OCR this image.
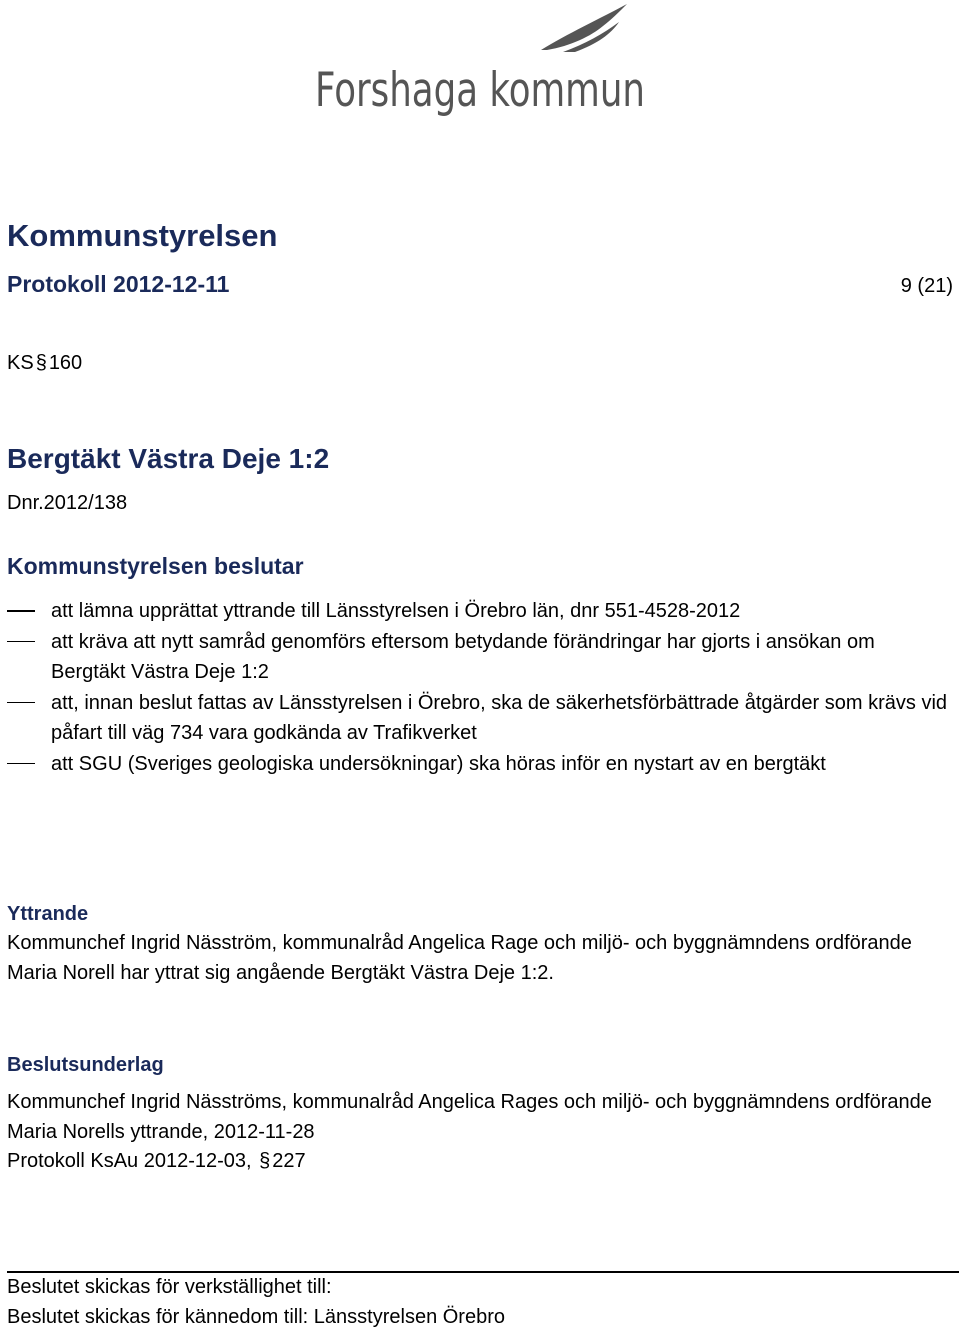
Forshaga kommun
Kommunstyrelsen
Protokoll 2012-12-11	9 (21)
KS § 160
Bergtäkt Västra Deje 1:2
Dnr.2012/138
Kommunstyrelsen beslutar
att lämna upprättat yttrande till Länsstyrelsen i Örebro län, dnr 551-4528-2012
att kräva att nytt samråd genomförs eftersom betydande förändringar har gjorts i ansökan om Bergtäkt Västra Deje 1:2
att, innan beslut fattas av Länsstyrelsen i Örebro, ska de säkerhetsförbättrade åtgärder som krävs vid påfart till väg 734 vara godkända av Trafikverket
att SGU (Sveriges geologiska undersökningar) ska höras inför en nystart av en bergtäkt
Yttrande

Kommunchef Ingrid Näsström, kommunalråd Angelica Rage och miljö- och byggnämndens ordförande Maria Norell har yttrat sig angående Bergtäkt Västra Deje 1:2.

Beslutsunderlag
Kommunchef Ingrid Näsströms, kommunalråd Angelica Rages och miljö- och byggnämndens ordförande Maria Norells yttrande, 2012-11-28
Protokoll KsAu 2012-12-03, § 227
Beslutet skickas för verkställighet till:
Beslutet skickas för kännedom till: Länsstyrelsen Örebro
